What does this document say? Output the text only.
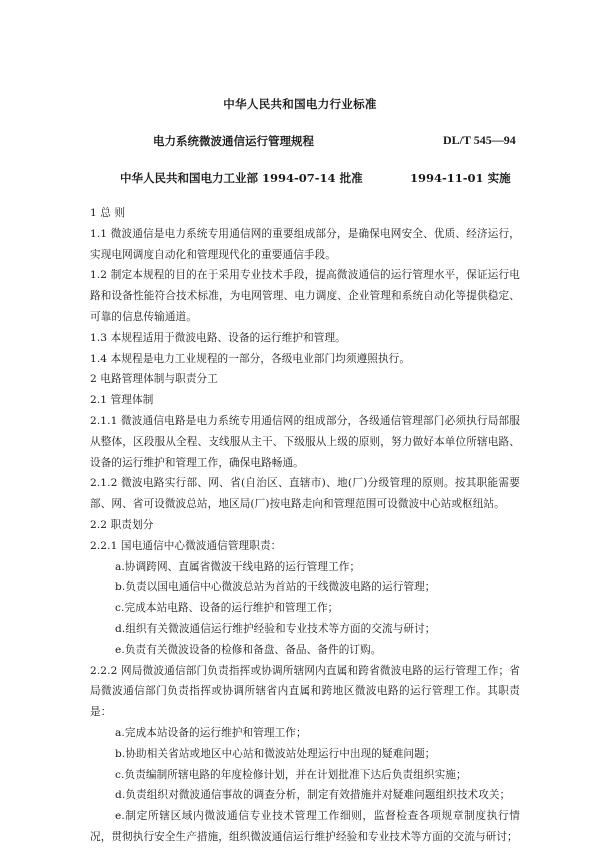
中华人民共和国电力行业标准
电力系统微波通信运行管理规程	DL/T 545—94
中华人民共和国电力工业部 1994-07-14 批准	1994-11-01 实施

1 总 则

1.1 微波通信是电力系统专用通信网的重要组成部分，是确保电网安全、优质、经济运行，实现电网调度自动化和管理现代化的重要通信手段。

1.2 制定本规程的目的在于采用专业技术手段，提高微波通信的运行管理水平，保证运行电路和设备性能符合技术标准，为电网管理、电力调度、企业管理和系统自动化等提供稳定、可靠的信息传输通道。

1.3 本规程适用于微波电路、设备的运行维护和管理。

1.4 本规程是电力工业规程的一部分，各级电业部门均须遵照执行。

2 电路管理体制与职责分工

2.1 管理体制

2.1.1 微波通信电路是电力系统专用通信网的组成部分，各级通信管理部门必须执行局部服从整体，区段服从全程、支线服从主干、下级服从上级的原则，努力做好本单位所辖电路、设备的运行维护和管理工作，确保电路畅通。

2.1.2 微波电路实行部、网、省(自治区、直辖市)、地(厂)分级管理的原则。按其职能需要部、网、省可设微波总站，地区局(厂)按电路走向和管理范围可设微波中心站或枢纽站。

2.2 职责划分

2.2.1 国电通信中心微波通信管理职责：

a.协调跨网、直属省微波干线电路的运行管理工作；

b.负责以国电通信中心微波总站为首站的干线微波电路的运行管理；

c.完成本站电路、设备的运行维护和管理工作；

d.组织有关微波通信运行维护经验和专业技术等方面的交流与研讨；

e.负责有关微波设备的检修和备盘、备品、备件的订购。

2.2.2 网局微波通信部门负责指挥或协调所辖网内直属和跨省微波电路的运行管理工作；省局微波通信部门负责指挥或协调所辖省内直属和跨地区微波电路的运行管理工作。其职责是：

a.完成本站设备的运行维护和管理工作；

b.协助相关省站或地区中心站和微波站处理运行中出现的疑难问题；

c.负责编制所辖电路的年度检修计划，并在计划批准下达后负责组织实施；

d.负责组织对微波通信事故的调查分析，制定有效措施并对疑难问题组织技术攻关；

e.制定所辖区域内微波通信专业技术管理工作细则，监督检查各项规章制度执行情况，贯彻执行安全生产措施，组织微波通信运行维护经验和专业技术等方面的交流与研讨；
